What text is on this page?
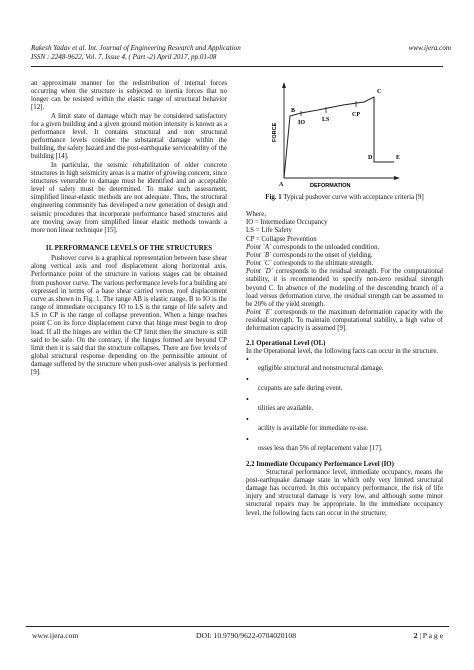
Rakesh Yadav et al. Int. Journal of Engineering Research and Application	www.ijera.com
ISSN : 2248-9622, Vol. 7, Issue 4, ( Part -2) April 2017, pp.01-08

an approximate manner for the redistribution of internal forces occurring when the structure is subjected to inertia forces that no longer can be resisted within the elastic range of structural behavior [12].

A limit state of damage which may be considered satisfactory for a given building and a given ground motion intensity is known as a performance level. It contains structural and non structural performance levels consider the substantial damage within the building, the safety hazard and the post-earthquake serviceability of the building [14].

In particular, the seismic rehabilitation of older concrete structures in high seismicity areas is a matter of growing concern, since structures venerable to damage must be identified and an acceptable level of safety must be determined. To make such assessment, simplified linear-elastic methods are not adequate. Thus, the structural engineering community has developed a new generation of design and seismic procedures that incorporate performance based structures and are moving away from simplified linear elastic methods towards a more non linear technique [15].

II. PERFORMANCE LEVELS OF THE STRUCTURES

Pushover curve is a graphical representation between base shear along vertical axis and roof displacement along horizontal axis. Performance point of the structure in various stages can be obtained from pushover curve. The various performance levels for a building are expressed in terms of a base shear carried versus roof displacement curve as shown in Fig. 1. The range AB is elastic range, B to IO is the range of immediate occupancy IO to LS is the range of life safety and LS to CP is the range of collapse prevention. When a hinge reaches point C on its force displacement curve that hinge must begin to drop load. If all the hinges are within the CP limit then the structure is still said to be safe. On the contrary, if the hinges formed are beyond CP limit then it is said that the structure collapses. There are five levels of global structural response depending on the permissible amount of damage suffered by the structure when push-over analysis is performed [9].

FORCE
DEFORMATION
A
B
IO	LS
CP
C
D	E

Fig. 1 Typical pushover curve with acceptance criteria [9]

Where,

IO = Intermediate Occupancy

LS = Life Safety

CP = Collapse Prevention

Point `A` corresponds to the unloaded condition.

Point `B` corresponds to the onset of yielding.

Point `C` corresponds to the ultimate strength.

Point `D` corresponds to the residual strength. For the computational stability, it is recommended to specify non-zero residual strength beyond C. In absence of the modeling of the descending branch of a load versus deformation curve, the residual strength can be assumed to be 20% of the yield strength.

Point `E` corresponds to the maximum deformation capacity with the residual strength. To maintain computational stability, a high value of deformation capacity is assumed [9].

2.1 Operational Level (OL)

In the Operational level, the following facts can occur in the structure.

•

egligible structural and nonstructural damage.

•

ccupants are safe during event.

•

tilities are available.

•

acility is available for immediate re-use.

•

osses less than 5% of replacement value [17].

2.2 Immediate Occupancy Performance Level (IO)

Structural performance level, immediate occupancy, means the post-earthquake damage state in which only very limited structural damage has occurred. In this occupancy performance, the risk of life injury and structural damage is very low, and although some minor structural repairs may be appropriate. In the immediate occupancy level, the following facts can occur in the structure;

www.ijera.com	DOI: 10.9790/9622-0704020108	2 | P a g e
